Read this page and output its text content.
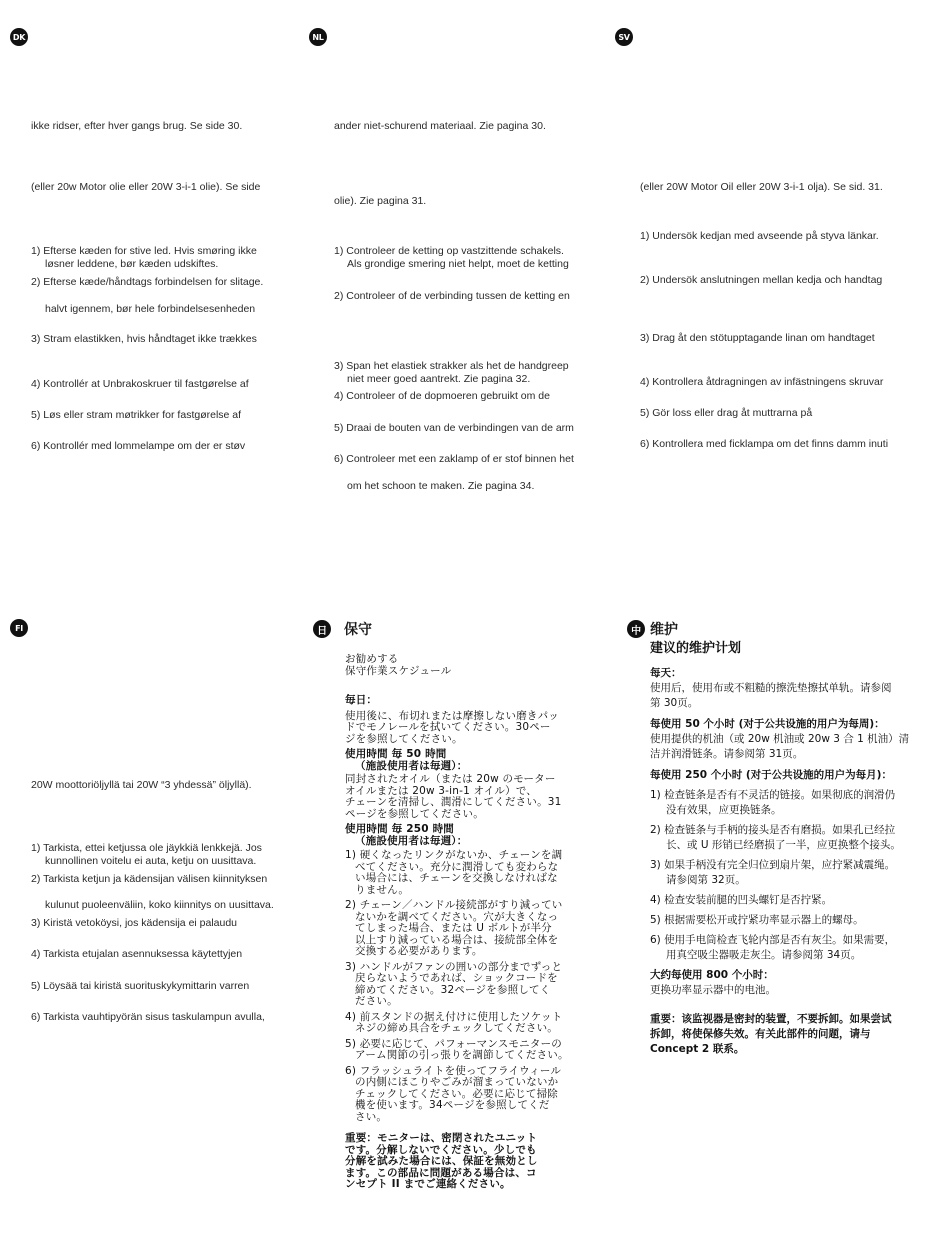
DK
ikke ridser, efter hver gangs brug. Se side 30.
(eller 20w Motor olie eller 20W 3-i-1 olie). Se side
1) Efterse kæden for stive led. Hvis smøring ikke
løsner leddene, bør kæden udskiftes.
2) Efterse kæde/håndtags forbindelsen for slitage.
halvt igennem, bør hele forbindelsesenheden
3) Stram elastikken, hvis håndtaget ikke trækkes
4) Kontrollér at Unbrakoskruer til fastgørelse af
5) Løs eller stram møtrikker for fastgørelse af
6) Kontrollér med lommelampe om der er støv
NL
ander niet-schurend materiaal. Zie pagina 30.
olie). Zie pagina 31.
1) Controleer de ketting op vastzittende schakels.
Als grondige smering niet helpt, moet de ketting
2) Controleer of de verbinding tussen de ketting en
3) Span het elastiek strakker als het de handgreep
niet meer goed aantrekt. Zie pagina 32.
4) Controleer of de dopmoeren gebruikt om de
5) Draai de bouten van de verbindingen van de arm
6) Controleer met een zaklamp of er stof binnen het
om het schoon te maken. Zie pagina 34.
SV
(eller 20W Motor Oil eller 20W 3-i-1 olja). Se sid. 31.
1) Undersök kedjan med avseende på styva länkar.
2) Undersök anslutningen mellan kedja och handtag
3) Drag åt den stötupptagande linan om handtaget
4) Kontrollera åtdragningen av infästningens skruvar
5) Gör loss eller drag åt muttrarna på
6) Kontrollera med ficklampa om det finns damm inuti
FI
20W moottoriöljyllä tai 20W “3 yhdessä” öljyllä).
1) Tarkista, ettei ketjussa ole jäykkiä lenkkejä. Jos
kunnollinen voitelu ei auta, ketju on uusittava.
2) Tarkista ketjun ja kädensijan välisen kiinnityksen
kulunut puoleenväliin, koko kiinnitys on uusittava.
3) Kiristä vetoköysi, jos kädensija ei palaudu
4) Tarkista etujalan asennuksessa käytettyjen
5) Löysää tai kiristä suorituskykymittarin varren
6) Tarkista vauhtipyörän sisus taskulampun avulla,
日 保守

お勧めする

保守作業スケジュール

毎日：

使用後に、布切れまたは摩擦しない磨きパッ

ドでモノレールを拭いてください。30ペー

ジを参照してください。

使用時間 毎 50 時間

（施設使用者は毎週）：

同封されたオイル（または 20w のモーター

オイルまたは 20w 3-in-1 オイル）で、

チェーンを清掃し、潤滑にしてください。31

ページを参照してください。

使用時間 毎 250 時間

（施設使用者は毎週）：

1) 硬くなったリンクがないか、チェーンを調

べてください。充分に潤滑しても変わらな

い場合には、チェーンを交換しなければな

りません。

2) チェーン／ハンドル接続部がすり減ってい

ないかを調べてください。穴が大きくなっ

てしまった場合、または U ボルトが半分

以上すり減っている場合は、接続部全体を

交換する必要があります。

3) ハンドルがファンの囲いの部分までずっと

戻らないようであれば、ショックコードを

締めてください。32ページを参照してく

ださい。

4) 前スタンドの据え付けに使用したソケット

ネジの締め具合をチェックしてください。

5) 必要に応じて、パフォーマンスモニターの

アーム関節の引っ張りを調節してください。

6) フラッシュライトを使ってフライウィール

の内側にほこりやごみが溜まっていないか

チェックしてください。必要に応じて掃除

機を使います。34ページを参照してくだ

さい。

重要：モニターは、密閉されたユニット

です。分解しないでください。少しでも

分解を試みた場合には、保証を無効とし

ます。この部品に問題がある場合は、コ

ンセプト II までご連絡ください。

中 维护

建议的维护计划

每天：

使用后，使用布或不粗糙的擦洗垫擦拭单轨。请参阅

第 30页。

每使用 50 个小时 (对于公共设施的用户为每周)：

使用提供的机油（或 20w 机油或 20w 3 合 1 机油）清

洁并润滑链条。请参阅第 31页。

每使用 250 个小时 (对于公共设施的用户为每月)：

1) 检查链条是否有不灵活的链接。如果彻底的润滑仍

没有效果，应更换链条。

2) 检查链条与手柄的接头是否有磨损。如果孔已经拉

长、或 U 形销已经磨损了一半，应更换整个接头。

3) 如果手柄没有完全归位到扇片架，应拧紧减震绳。

请参阅第 32页。

4) 检查安装前腿的凹头螺钉是否拧紧。

5) 根据需要松开或拧紧功率显示器上的螺母。

6) 使用手电筒检查飞轮内部是否有灰尘。如果需要，

用真空吸尘器吸走灰尘。请参阅第 34页。

大约每使用 800 个小时：

更换功率显示器中的电池。

重要：该监视器是密封的装置，不要拆卸。如果尝试

拆卸，将使保修失效。有关此部件的问题，请与

Concept 2 联系。
